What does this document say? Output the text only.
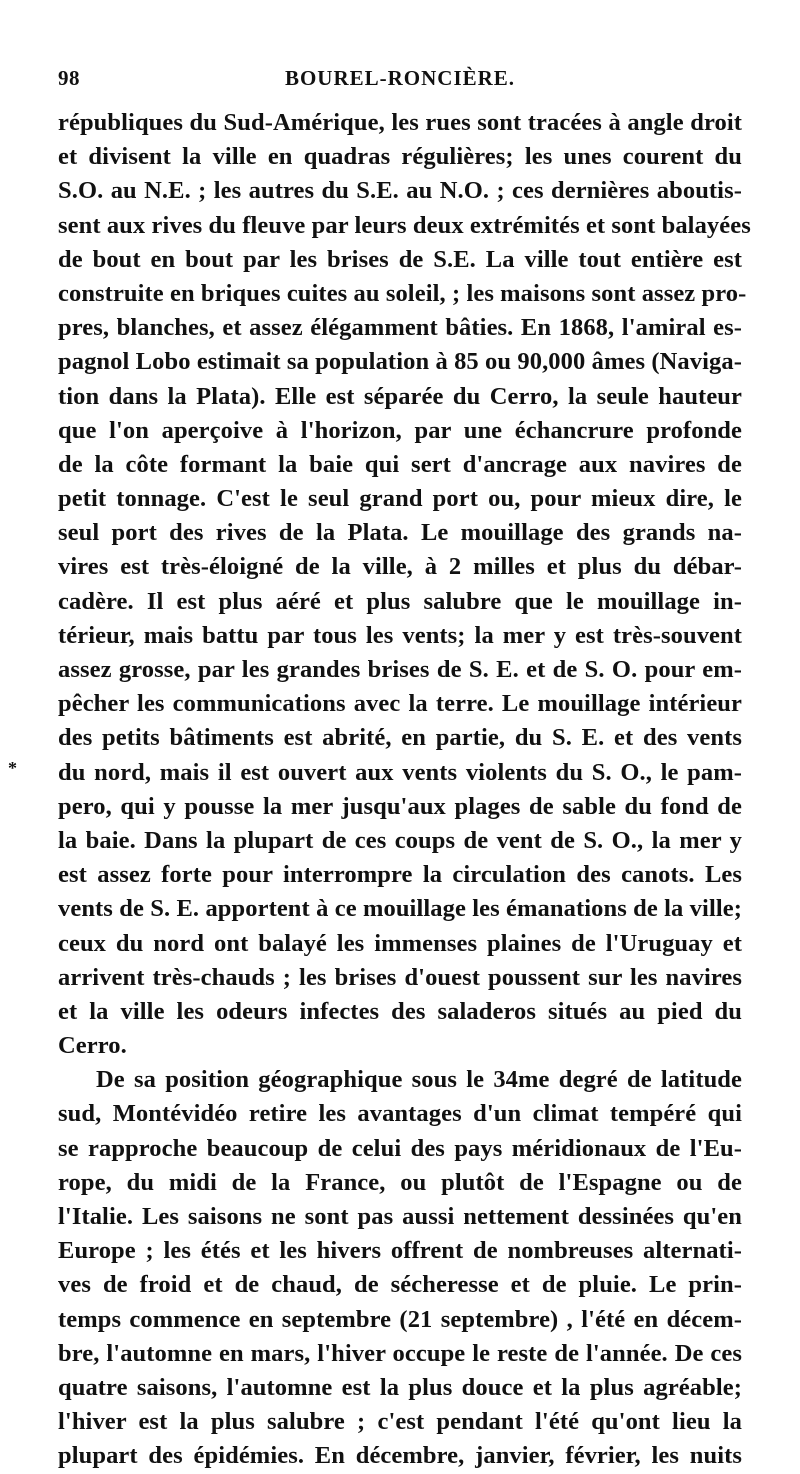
98	BOUREL-RONCIÈRE.
*
républiques du Sud-Amérique, les rues sont tracées à angle droit
et divisent la ville en quadras régulières; les unes courent du
S.O. au N.E. ; les autres du S.E. au N.O. ; ces dernières aboutis-
sent aux rives du fleuve par leurs deux extrémités et sont balayées
de bout en bout par les brises de S.E. La ville tout entière est
construite en briques cuites au soleil, ; les maisons sont assez pro-
pres, blanches, et assez élégamment bâties. En 1868, l'amiral es-
pagnol Lobo estimait sa population à 85 ou 90,000 âmes (Naviga-
tion dans la Plata). Elle est séparée du Cerro, la seule hauteur
que l'on aperçoive à l'horizon, par une échancrure profonde
de la côte formant la baie qui sert d'ancrage aux navires de
petit tonnage. C'est le seul grand port ou, pour mieux dire, le
seul port des rives de la Plata. Le mouillage des grands na-
vires est très-éloigné de la ville, à 2 milles et plus du débar-
cadère. Il est plus aéré et plus salubre que le mouillage in-
térieur, mais battu par tous les vents; la mer y est très-souvent
assez grosse, par les grandes brises de S. E. et de S. O. pour em-
pêcher les communications avec la terre. Le mouillage intérieur
des petits bâtiments est abrité, en partie, du S. E. et des vents
du nord, mais il est ouvert aux vents violents du S. O., le pam-
pero, qui y pousse la mer jusqu'aux plages de sable du fond de
la baie. Dans la plupart de ces coups de vent de S. O., la mer y
est assez forte pour interrompre la circulation des canots. Les
vents de S. E. apportent à ce mouillage les émanations de la ville;
ceux du nord ont balayé les immenses plaines de l'Uruguay et
arrivent très-chauds ; les brises d'ouest poussent sur les navires
et la ville les odeurs infectes des saladeros situés au pied du
Cerro.
De sa position géographique sous le 34me degré de latitude
sud, Montévidéo retire les avantages d'un climat tempéré qui
se rapproche beaucoup de celui des pays méridionaux de l'Eu-
rope, du midi de la France, ou plutôt de l'Espagne ou de
l'Italie. Les saisons ne sont pas aussi nettement dessinées qu'en
Europe ; les étés et les hivers offrent de nombreuses alternati-
ves de froid et de chaud, de sécheresse et de pluie. Le prin-
temps commence en septembre (21 septembre) , l'été en décem-
bre, l'automne en mars, l'hiver occupe le reste de l'année. De ces
quatre saisons, l'automne est la plus douce et la plus agréable;
l'hiver est la plus salubre ; c'est pendant l'été qu'ont lieu la
plupart des épidémies. En décembre, janvier, février, les nuits
